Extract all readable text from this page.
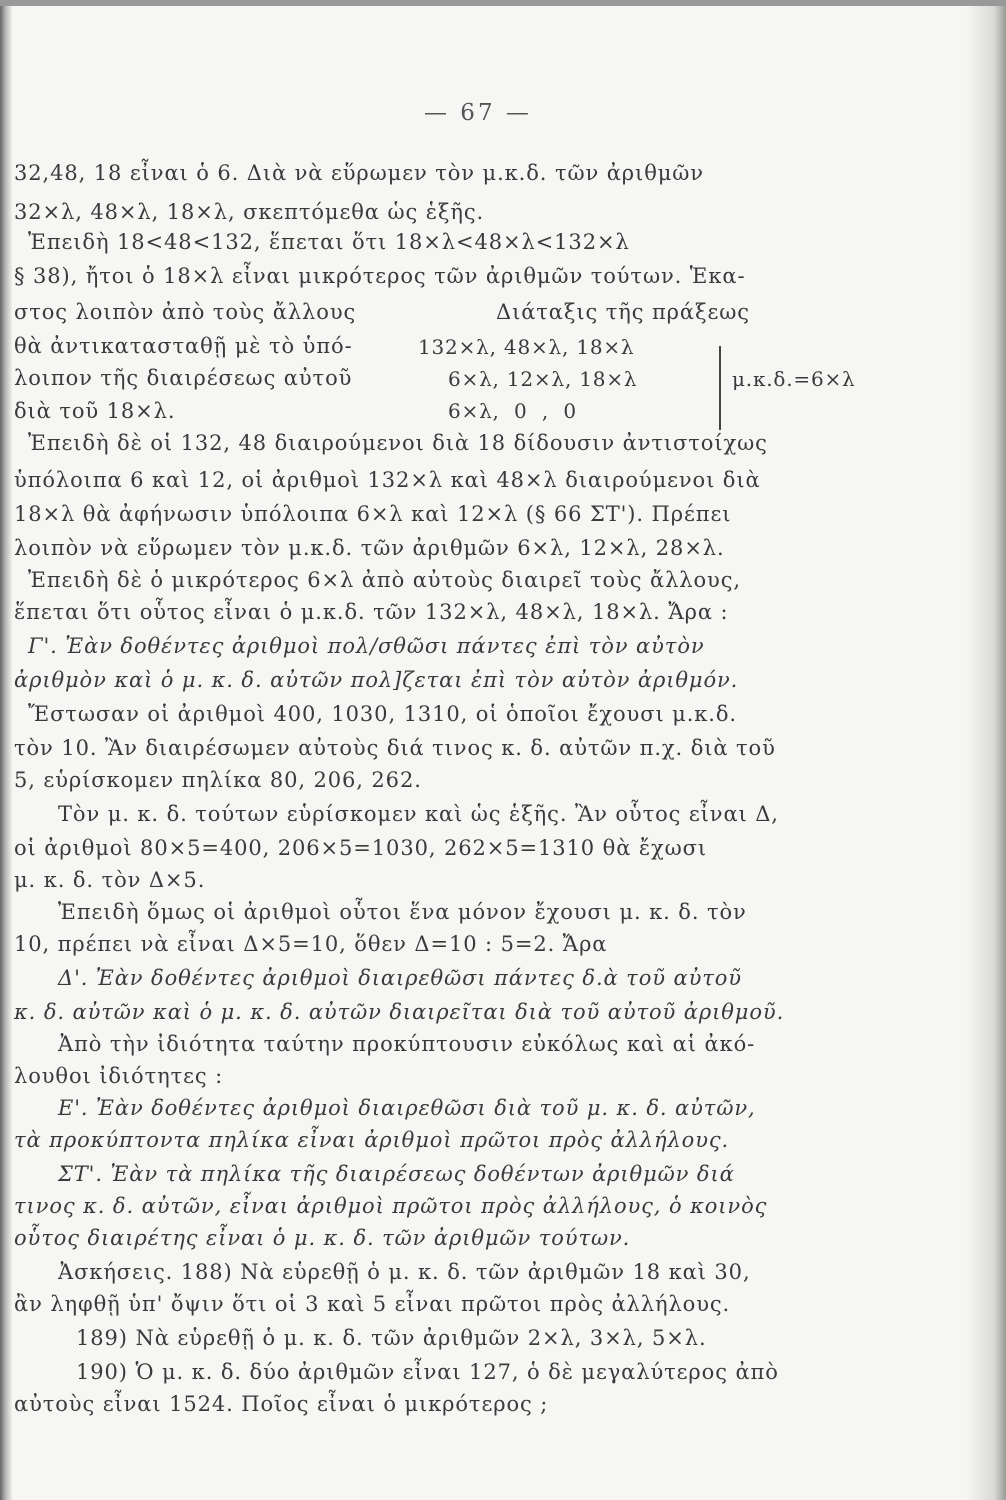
— 67 —
32,48, 18 εἶναι ὁ 6. Διὰ νὰ εὕρωμεν τὸν μ.κ.δ. τῶν ἀριθμῶν
32×λ, 48×λ, 18×λ, σκεπτόμεθα ὡς ἑξῆς.
Ἐπειδὴ 18<48<132, ἕπεται ὅτι 18×λ<48×λ<132×λ
§ 38), ἤτοι ὁ 18×λ εἶναι μικρότερος τῶν ἀριθμῶν τούτων. Ἑκα-
στος λοιπὸν ἀπὸ τοὺς ἄλλους	Διάταξις τῆς πράξεως
θὰ ἀντικατασταθῇ μὲ τὸ ὑπό-
λοιπον τῆς διαιρέσεως αὐτοῦ
διὰ τοῦ 18×λ.
132×λ, 48×λ, 18×λ
6×λ, 12×λ, 18×λ
6×λ,  0  ,  0
μ.κ.δ.=6×λ
Ἐπειδὴ δὲ οἱ 132, 48 διαιρούμενοι διὰ 18 δίδουσιν ἀντιστοίχως
ὑπόλοιπα 6 καὶ 12, οἱ ἀριθμοὶ 132×λ καὶ 48×λ διαιρούμενοι διὰ
18×λ θὰ ἀφήνωσιν ὑπόλοιπα 6×λ καὶ 12×λ (§ 66 ΣΤ'). Πρέπει
λοιπὸν νὰ εὕρωμεν τὸν μ.κ.δ. τῶν ἀριθμῶν 6×λ, 12×λ, 28×λ.
Ἐπειδὴ δὲ ὁ μικρότερος 6×λ ἀπὸ αὐτοὺς διαιρεῖ τοὺς ἄλλους,
ἕπεται ὅτι οὗτος εἶναι ὁ μ.κ.δ. τῶν 132×λ, 48×λ, 18×λ. Ἄρα :
Γ'. Ἐὰν δοθέντες ἀριθμοὶ πολ/σθῶσι πάντες ἐπὶ τὸν αὐτὸν
ἀριθμὸν καὶ ὁ μ. κ. δ. αὐτῶν πολ]ζεται ἐπὶ τὸν αὐτὸν ἀριθμόν.
Ἔστωσαν οἱ ἀριθμοὶ 400, 1030, 1310, οἱ ὁποῖοι ἔχουσι μ.κ.δ.
τὸν 10. Ἂν διαιρέσωμεν αὐτοὺς διά τινος κ. δ. αὐτῶν π.χ. διὰ τοῦ
5, εὑρίσκομεν πηλίκα 80, 206, 262.
Τὸν μ. κ. δ. τούτων εὑρίσκομεν καὶ ὡς ἑξῆς. Ἂν οὗτος εἶναι Δ,
οἱ ἀριθμοὶ 80×5=400, 206×5=1030, 262×5=1310 θὰ ἔχωσι
μ. κ. δ. τὸν Δ×5.
Ἐπειδὴ ὅμως οἱ ἀριθμοὶ οὗτοι ἕνα μόνον ἔχουσι μ. κ. δ. τὸν
10, πρέπει νὰ εἶναι Δ×5=10, ὅθεν Δ=10 : 5=2. Ἄρα
Δ'. Ἐὰν δοθέντες ἀριθμοὶ διαιρεθῶσι πάντες δ.ὰ τοῦ αὐτοῦ
κ. δ. αὐτῶν καὶ ὁ μ. κ. δ. αὐτῶν διαιρεῖται διὰ τοῦ αὐτοῦ ἀριθμοῦ.
Ἀπὸ τὴν ἰδιότητα ταύτην προκύπτουσιν εὐκόλως καὶ αἱ ἀκό-
λουθοι ἰδιότητες :
Ε'. Ἐὰν δοθέντες ἀριθμοὶ διαιρεθῶσι διὰ τοῦ μ. κ. δ. αὐτῶν,
τὰ προκύπτοντα πηλίκα εἶναι ἀριθμοὶ πρῶτοι πρὸς ἀλλήλους.
ΣΤ'. Ἐὰν τὰ πηλίκα τῆς διαιρέσεως δοθέντων ἀριθμῶν διά
τινος κ. δ. αὐτῶν, εἶναι ἀριθμοὶ πρῶτοι πρὸς ἀλλήλους, ὁ κοινὸς
οὗτος διαιρέτης εἶναι ὁ μ. κ. δ. τῶν ἀριθμῶν τούτων.
Ἀσκήσεις. 188) Νὰ εὑρεθῇ ὁ μ. κ. δ. τῶν ἀριθμῶν 18 καὶ 30,
ἂν ληφθῇ ὑπ' ὄψιν ὅτι οἱ 3 καὶ 5 εἶναι πρῶτοι πρὸς ἀλλήλους.
189) Νὰ εὑρεθῇ ὁ μ. κ. δ. τῶν ἀριθμῶν 2×λ, 3×λ, 5×λ.
190) Ὁ μ. κ. δ. δύο ἀριθμῶν εἶναι 127, ὁ δὲ μεγαλύτερος ἀπὸ
αὐτοὺς εἶναι 1524. Ποῖος εἶναι ὁ μικρότερος ;
